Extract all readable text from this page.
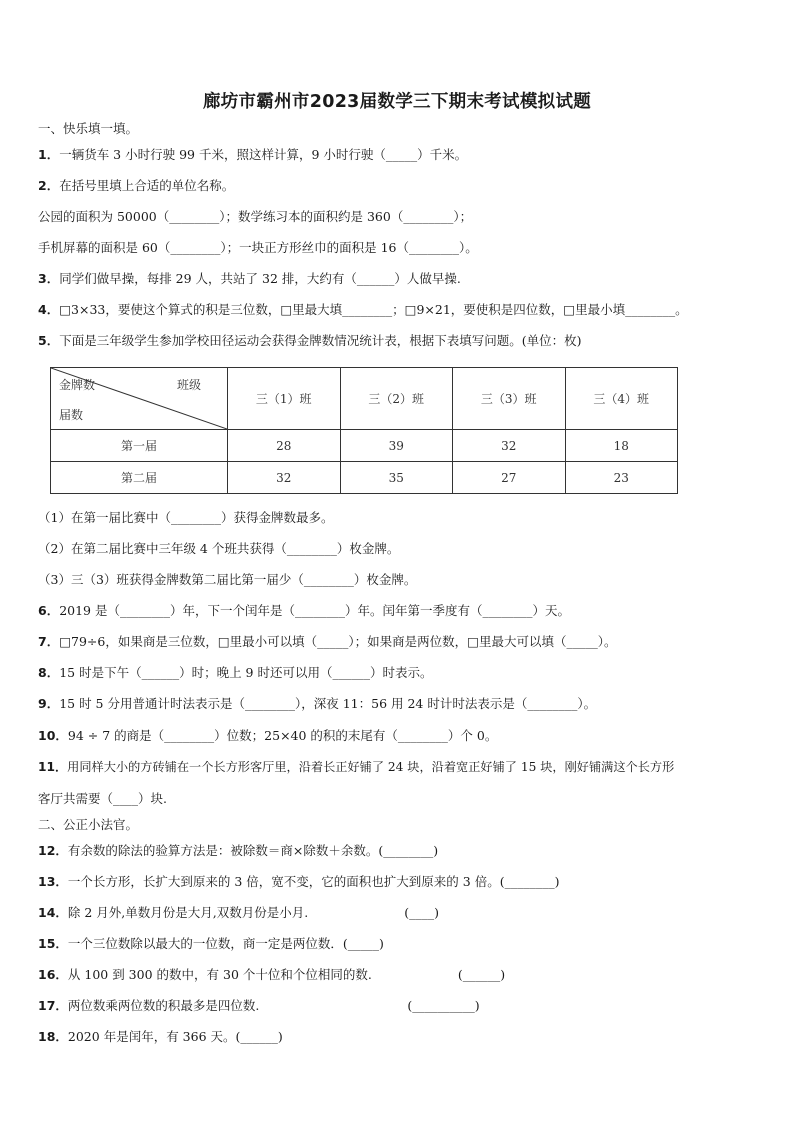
廊坊市霸州市2023届数学三下期末考试模拟试题
一、快乐填一填。
1．一辆货车 3 小时行驶 99 千米，照这样计算，9 小时行驶（_____）千米。
2．在括号里填上合适的单位名称。
公园的面积为 50000（________）；数学练习本的面积约是 360（________）；
手机屏幕的面积是 60（________）；一块正方形丝巾的面积是 16（________）。
3．同学们做早操，每排 29 人，共站了 32 排，大约有（______）人做早操.
4．□3×33，要使这个算式的积是三位数，□里最大填________；□9×21，要使积是四位数，□里最小填________。
5．下面是三年级学生参加学校田径运动会获得金牌数情况统计表，根据下表填写问题。(单位：枚)
金牌数 班级
届数	三（1）班	三（2）班	三（3）班	三（4）班
第一届	28	39	32	18
第二届	32	35	27	23
（1）在第一届比赛中（________）获得金牌数最多。
（2）在第二届比赛中三年级 4 个班共获得（________）枚金牌。
（3）三（3）班获得金牌数第二届比第一届少（________）枚金牌。
6．2019 是（________）年，下一个闰年是（________）年。闰年第一季度有（________）天。
7．□79÷6，如果商是三位数，□里最小可以填（_____）；如果商是两位数，□里最大可以填（_____）。
8．15 时是下午（______）时；晚上 9 时还可以用（______）时表示。
9．15 时 5 分用普通计时法表示是（________），深夜 11：56 用 24 时计时法表示是（________）。
10．94 ÷ 7 的商是（________）位数；25×40 的积的末尾有（________）个 0。
11．用同样大小的方砖铺在一个长方形客厅里，沿着长正好铺了 24 块，沿着宽正好铺了 15 块，刚好铺满这个长方形
客厅共需要（____）块.
二、公正小法官。
12．有余数的除法的验算方法是：被除数＝商×除数＋余数。(________)
13．一个长方形，长扩大到原来的 3 倍，宽不变，它的面积也扩大到原来的 3 倍。(________)
14．除 2 月外,单数月份是大月,双数月份是小月.	(____)
15．一个三位数除以最大的一位数，商一定是两位数．(_____)
16．从 100 到 300 的数中，有 30 个十位和个位相同的数.	(______)
17．两位数乘两位数的积最多是四位数.	(__________)
18．2020 年是闰年，有 366 天。(______)
